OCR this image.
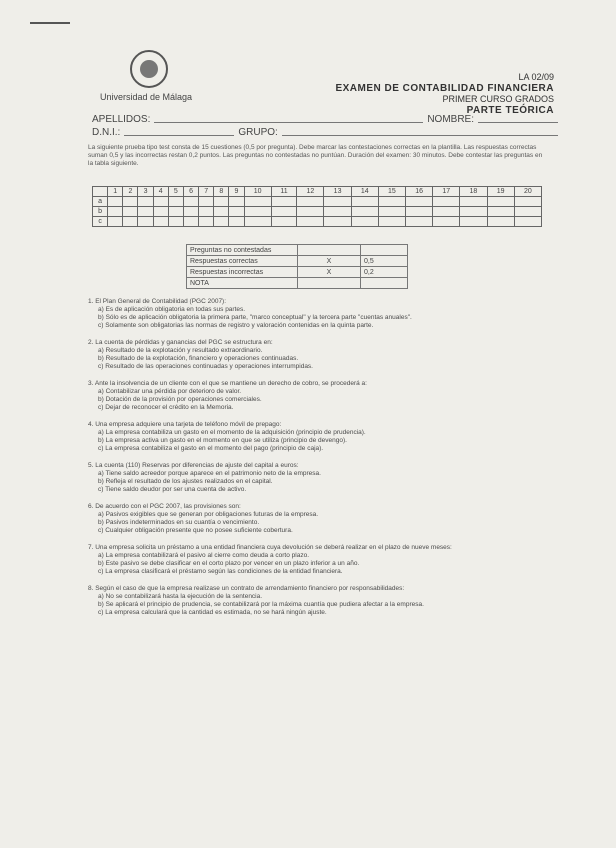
Universidad de Málaga
LA 02/09
EXAMEN DE CONTABILIDAD FINANCIERA
PRIMER CURSO GRADOS
PARTE TEÓRICA
APELLIDOS:	NOMBRE:
D.N.I.:	GRUPO:
La siguiente prueba tipo test consta de 15 cuestiones (0,5 por pregunta). Debe marcar las contestaciones correctas en la plantilla. Las respuestas correctas suman 0,5 y las incorrectas restan 0,2 puntos. Las preguntas no contestadas no puntúan. Duración del examen: 30 minutos. Debe contestar las preguntas en la tabla siguiente.
	1	2	3	4	5	6	7	8	9	10	11	12	13	14	15	16	17	18	19	20
a																				
b																				
c																				
Preguntas no contestadas		
Respuestas correctas	X	0,5
Respuestas incorrectas	X	0,2
NOTA		
1. El Plan General de Contabilidad (PGC 2007):
a) Es de aplicación obligatoria en todas sus partes.
b) Sólo es de aplicación obligatoria la primera parte, "marco conceptual" y la tercera parte "cuentas anuales".
c) Solamente son obligatorias las normas de registro y valoración contenidas en la quinta parte.
2. La cuenta de pérdidas y ganancias del PGC se estructura en:
a) Resultado de la explotación y resultado extraordinario.
b) Resultado de la explotación, financiero y operaciones continuadas.
c) Resultado de las operaciones continuadas y operaciones interrumpidas.
3. Ante la insolvencia de un cliente con el que se mantiene un derecho de cobro, se procederá a:
a) Contabilizar una pérdida por deterioro de valor.
b) Dotación de la provisión por operaciones comerciales.
c) Dejar de reconocer el crédito en la Memoria.
4. Una empresa adquiere una tarjeta de teléfono móvil de prepago:
a) La empresa contabiliza un gasto en el momento de la adquisición (principio de prudencia).
b) La empresa activa un gasto en el momento en que se utiliza (principio de devengo).
c) La empresa contabiliza el gasto en el momento del pago (principio de caja).
5. La cuenta (110) Reservas por diferencias de ajuste del capital a euros:
a) Tiene saldo acreedor porque aparece en el patrimonio neto de la empresa.
b) Refleja el resultado de los ajustes realizados en el capital.
c) Tiene saldo deudor por ser una cuenta de activo.
6. De acuerdo con el PGC 2007, las provisiones son:
a) Pasivos exigibles que se generan por obligaciones futuras de la empresa.
b) Pasivos indeterminados en su cuantía o vencimiento.
c) Cualquier obligación presente que no posee suficiente cobertura.
7. Una empresa solicita un préstamo a una entidad financiera cuya devolución se deberá realizar en el plazo de nueve meses:
a) La empresa contabilizará el pasivo al cierre como deuda a corto plazo.
b) Este pasivo se debe clasificar en el corto plazo por vencer en un plazo inferior a un año.
c) La empresa clasificará el préstamo según las condiciones de la entidad financiera.
8. Según el caso de que la empresa realizase un contrato de arrendamiento financiero por responsabilidades:
a) No se contabilizará hasta la ejecución de la sentencia.
b) Se aplicará el principio de prudencia, se contabilizará por la máxima cuantía que pudiera afectar a la empresa.
c) La empresa calculará que la cantidad es estimada, no se hará ningún ajuste.
